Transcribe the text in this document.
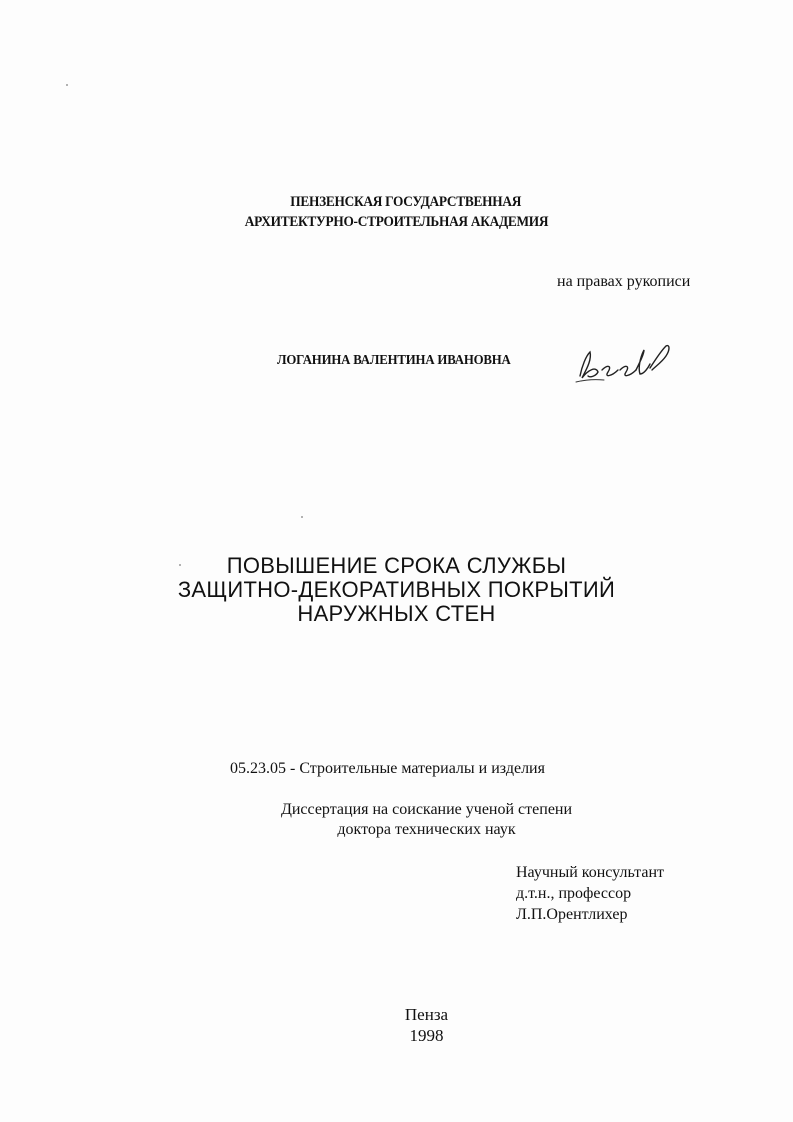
ПЕНЗЕНСКАЯ ГОСУДАРСТВЕННАЯ
АРХИТЕКТУРНО-СТРОИТЕЛЬНАЯ АКАДЕМИЯ
на правах рукописи
ЛОГАНИНА ВАЛЕНТИНА ИВАНОВНА
ПОВЫШЕНИЕ СРОКА СЛУЖБЫ
ЗАЩИТНО-ДЕКОРАТИВНЫХ ПОКРЫТИЙ
НАРУЖНЫХ СТЕН
05.23.05 - Строительные материалы и изделия
Диссертация на соискание ученой степени
доктора технических наук
Научный консультант
д.т.н., профессор
Л.П.Орентлихер
Пенза
1998
